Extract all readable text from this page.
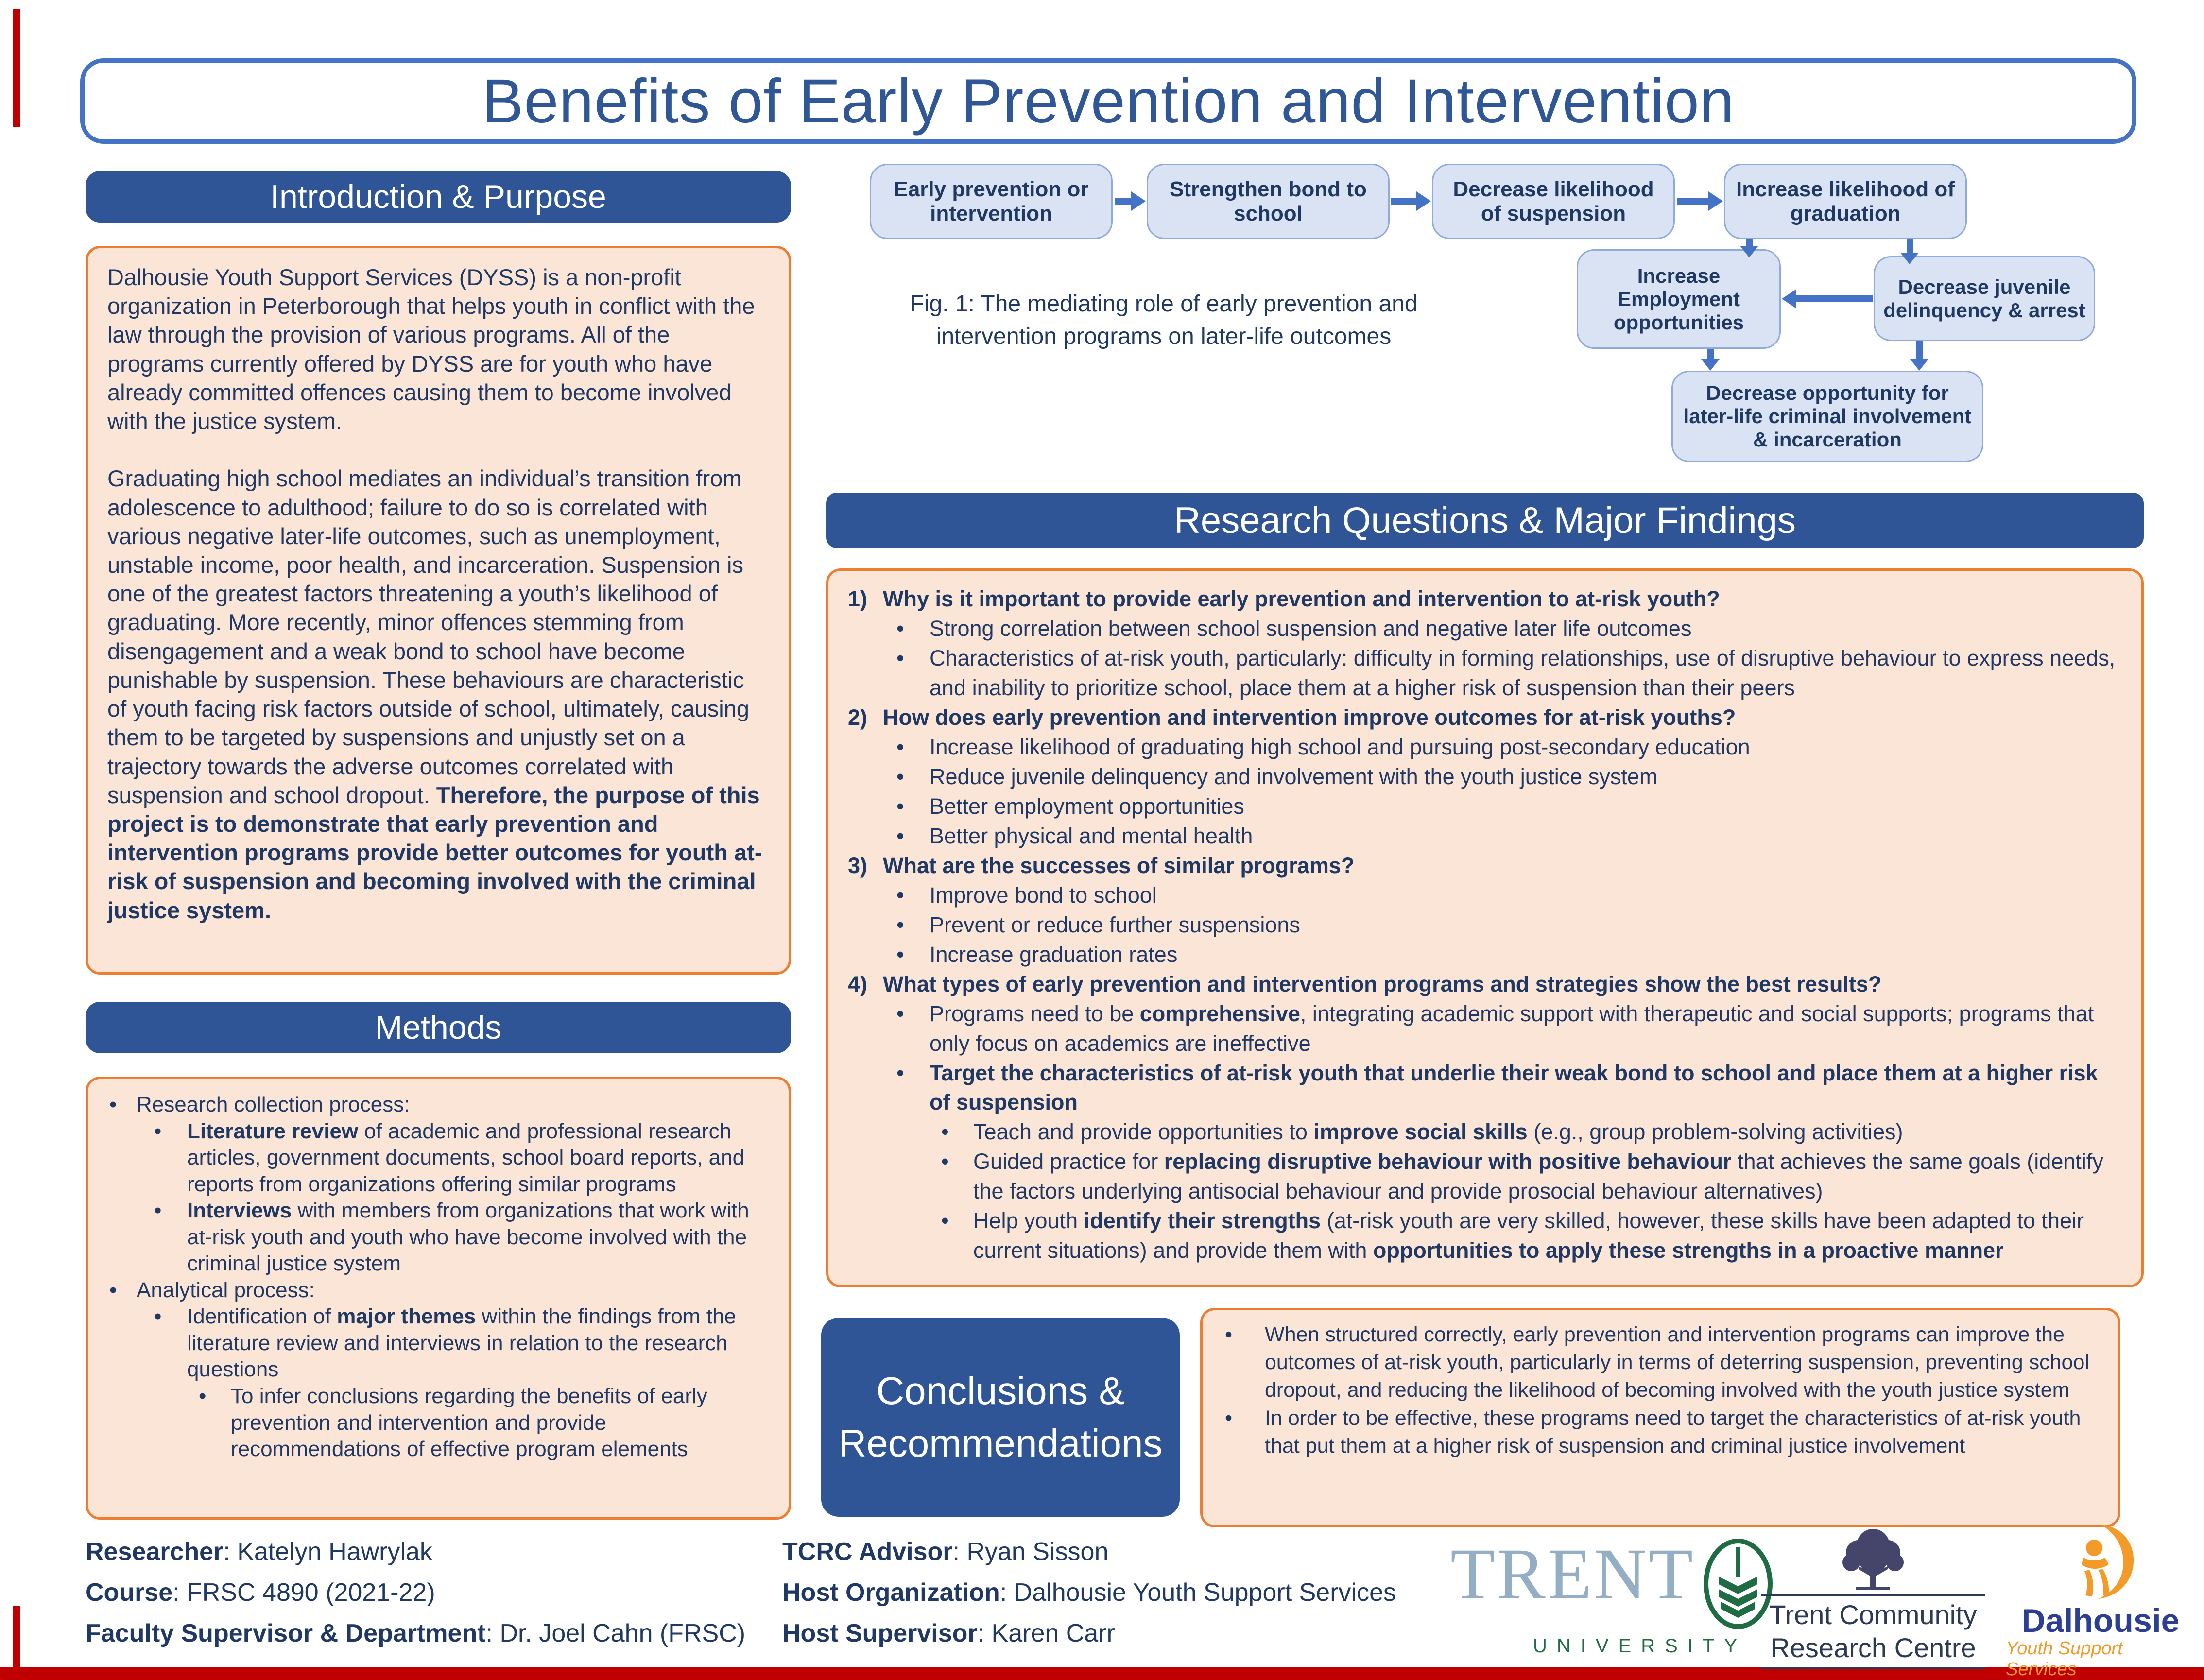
Benefits of Early Prevention and Intervention
Introduction & Purpose

Dalhousie Youth Support Services (DYSS) is a non-profit organization in Peterborough that helps youth in conflict with the law through the provision of various programs. All of the programs currently offered by DYSS are for youth who have already committed offences causing them to become involved with the justice system.

Graduating high school mediates an individual’s transition from adolescence to adulthood; failure to do so is correlated with various negative later-life outcomes, such as unemployment, unstable income, poor health, and incarceration. Suspension is one of the greatest factors threatening a youth’s likelihood of graduating. More recently, minor offences stemming from disengagement and a weak bond to school have become punishable by suspension. These behaviours are characteristic of youth facing risk factors outside of school, ultimately, causing them to be targeted by suspensions and unjustly set on a trajectory towards the adverse outcomes correlated with suspension and school dropout. Therefore, the purpose of this project is to demonstrate that early prevention and intervention programs provide better outcomes for youth at-risk of suspension and becoming involved with the criminal justice system.

Methods
• Research collection process:
• Literature review of academic and professional research articles, government documents, school board reports, and reports from organizations offering similar programs
• Interviews with members from organizations that work with at-risk youth and youth who have become involved with the criminal justice system
• Analytical process:
• Identification of major themes within the findings from the literature review and interviews in relation to the research questions
• To infer conclusions regarding the benefits of early prevention and intervention and provide recommendations of effective program elements
Early prevention or intervention
Strengthen bond to school
Decrease likelihood of suspension
Increase likelihood of graduation
Increase Employment opportunities
Decrease juvenile delinquency & arrest
Decrease opportunity for later-life criminal involvement & incarceration
Fig. 1: The mediating role of early prevention and intervention programs on later-life outcomes
Research Questions & Major Findings
1) Why is it important to provide early prevention and intervention to at-risk youth?
• Strong correlation between school suspension and negative later life outcomes
• Characteristics of at-risk youth, particularly: difficulty in forming relationships, use of disruptive behaviour to express needs, and inability to prioritize school, place them at a higher risk of suspension than their peers
2) How does early prevention and intervention improve outcomes for at-risk youths?
• Increase likelihood of graduating high school and pursuing post-secondary education
• Reduce juvenile delinquency and involvement with the youth justice system
• Better employment opportunities
• Better physical and mental health
3) What are the successes of similar programs?
• Improve bond to school
• Prevent or reduce further suspensions
• Increase graduation rates
4) What types of early prevention and intervention programs and strategies show the best results?
• Programs need to be comprehensive, integrating academic support with therapeutic and social supports; programs that only focus on academics are ineffective
• Target the characteristics of at-risk youth that underlie their weak bond to school and place them at a higher risk of suspension
• Teach and provide opportunities to improve social skills (e.g., group problem-solving activities)
• Guided practice for replacing disruptive behaviour with positive behaviour that achieves the same goals (identify the factors underlying antisocial behaviour and provide prosocial behaviour alternatives)
• Help youth identify their strengths (at-risk youth are very skilled, however, these skills have been adapted to their current situations) and provide them with opportunities to apply these strengths in a proactive manner
Conclusions &
Recommendations
• When structured correctly, early prevention and intervention programs can improve the outcomes of at-risk youth, particularly in terms of deterring suspension, preventing school dropout, and reducing the likelihood of becoming involved with the youth justice system
• In order to be effective, these programs need to target the characteristics of at-risk youth that put them at a higher risk of suspension and criminal justice involvement
Researcher: Katelyn Hawrylak
Course: FRSC 4890 (2021-22)
Faculty Supervisor & Department: Dr. Joel Cahn (FRSC)
TCRC Advisor: Ryan Sisson
Host Organization: Dalhousie Youth Support Services
Host Supervisor: Karen Carr
TRENT
UNIVERSITY
Trent Community
Research Centre
Dalhousie
Youth Support Services
